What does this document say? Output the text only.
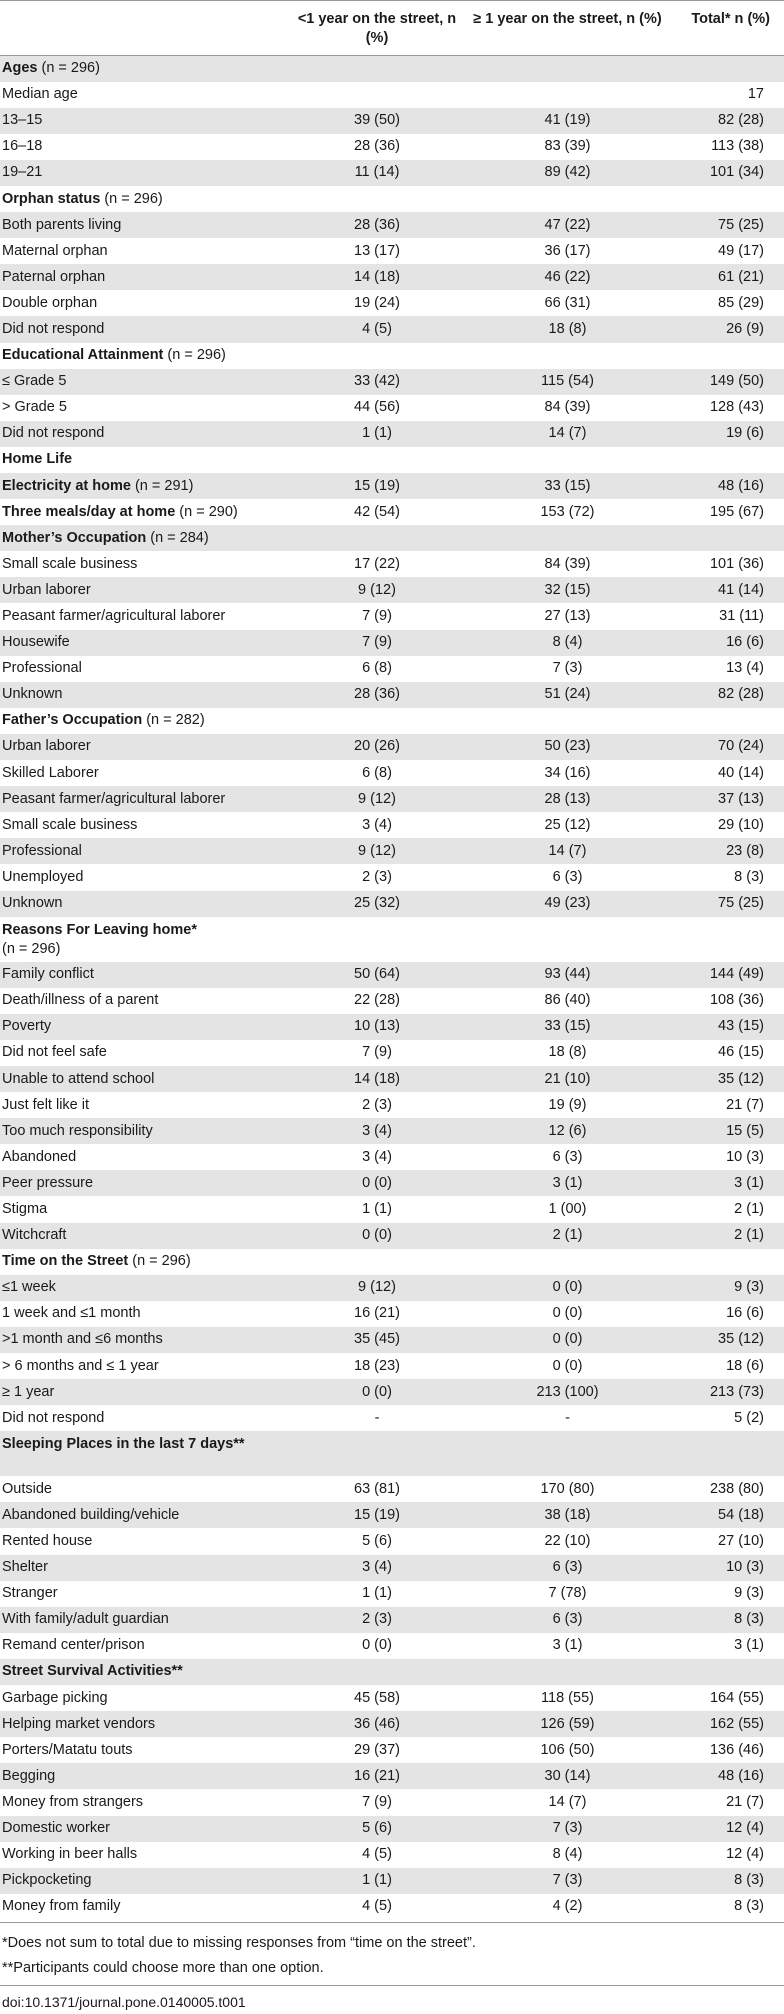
	<1 year on the street, n (%)	≥ 1 year on the street, n (%)	Total* n (%)
Ages (n = 296)			
Median age			17
13–15	39 (50)	41 (19)	82 (28)
16–18	28 (36)	83 (39)	113 (38)
19–21	11 (14)	89 (42)	101 (34)
Orphan status (n = 296)			
Both parents living	28 (36)	47 (22)	75 (25)
Maternal orphan	13 (17)	36 (17)	49 (17)
Paternal orphan	14 (18)	46 (22)	61 (21)
Double orphan	19 (24)	66 (31)	85 (29)
Did not respond	4 (5)	18 (8)	26 (9)
Educational Attainment (n = 296)			
≤ Grade 5	33 (42)	115 (54)	149 (50)
> Grade 5	44 (56)	84 (39)	128 (43)
Did not respond	1 (1)	14 (7)	19 (6)
Home Life			
Electricity at home (n = 291)	15 (19)	33 (15)	48 (16)
Three meals/day at home (n = 290)	42 (54)	153 (72)	195 (67)
Mother’s Occupation (n = 284)			
Small scale business	17 (22)	84 (39)	101 (36)
Urban laborer	9 (12)	32 (15)	41 (14)
Peasant farmer/agricultural laborer	7 (9)	27 (13)	31 (11)
Housewife	7 (9)	8 (4)	16 (6)
Professional	6 (8)	7 (3)	13 (4)
Unknown	28 (36)	51 (24)	82 (28)
Father’s Occupation (n = 282)			
Urban laborer	20 (26)	50 (23)	70 (24)
Skilled Laborer	6 (8)	34 (16)	40 (14)
Peasant farmer/agricultural laborer	9 (12)	28 (13)	37 (13)
Small scale business	3 (4)	25 (12)	29 (10)
Professional	9 (12)	14 (7)	23 (8)
Unemployed	2 (3)	6 (3)	8 (3)
Unknown	25 (32)	49 (23)	75 (25)
Reasons For Leaving home*
(n = 296)			
Family conflict	50 (64)	93 (44)	144 (49)
Death/illness of a parent	22 (28)	86 (40)	108 (36)
Poverty	10 (13)	33 (15)	43 (15)
Did not feel safe	7 (9)	18 (8)	46 (15)
Unable to attend school	14 (18)	21 (10)	35 (12)
Just felt like it	2 (3)	19 (9)	21 (7)
Too much responsibility	3 (4)	12 (6)	15 (5)
Abandoned	3 (4)	6 (3)	10 (3)
Peer pressure	0 (0)	3 (1)	3 (1)
Stigma	1 (1)	1 (00)	2 (1)
Witchcraft	0 (0)	2 (1)	2 (1)
Time on the Street (n = 296)			
≤1 week	9 (12)	0 (0)	9 (3)
1 week and ≤1 month	16 (21)	0 (0)	16 (6)
>1 month and ≤6 months	35 (45)	0 (0)	35 (12)
> 6 months and ≤ 1 year	18 (23)	0 (0)	18 (6)
≥ 1 year	0 (0)	213 (100)	213 (73)
Did not respond	-	-	5 (2)
Sleeping Places in the last 7 days**			
Outside	63 (81)	170 (80)	238 (80)
Abandoned building/vehicle	15 (19)	38 (18)	54 (18)
Rented house	5 (6)	22 (10)	27 (10)
Shelter	3 (4)	6 (3)	10 (3)
Stranger	1 (1)	7 (78)	9 (3)
With family/adult guardian	2 (3)	6 (3)	8 (3)
Remand center/prison	0 (0)	3 (1)	3 (1)
Street Survival Activities**			
Garbage picking	45 (58)	118 (55)	164 (55)
Helping market vendors	36 (46)	126 (59)	162 (55)
Porters/Matatu touts	29 (37)	106 (50)	136 (46)
Begging	16 (21)	30 (14)	48 (16)
Money from strangers	7 (9)	14 (7)	21 (7)
Domestic worker	5 (6)	7 (3)	12 (4)
Working in beer halls	4 (5)	8 (4)	12 (4)
Pickpocketing	1 (1)	7 (3)	8 (3)
Money from family	4 (5)	4 (2)	8 (3)
*Does not sum to total due to missing responses from “time on the street”.
**Participants could choose more than one option.
doi:10.1371/journal.pone.0140005.t001
